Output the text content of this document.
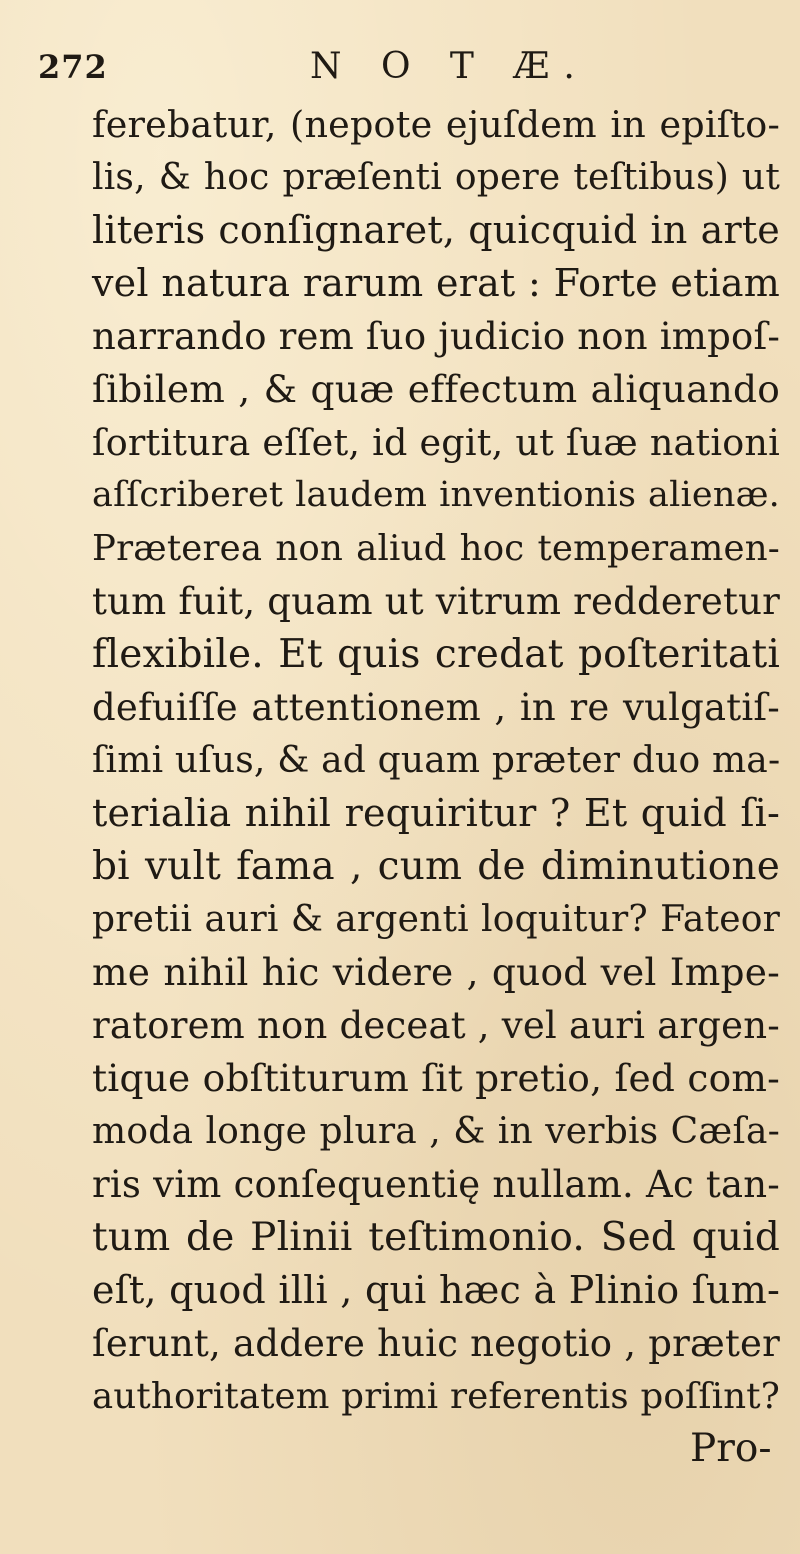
272	N O T Æ.
ferebatur, (nepote ejuſdem in epiſto-
lis, & hoc præſenti opere teſtibus) ut
literis conſignaret, quicquid in arte
vel natura rarum erat : Forte etiam
narrando rem ſuo judicio non impoſ-
ſibilem , & quæ effectum aliquando
ſortitura eſſet, id egit, ut ſuæ nationi
aſſcriberet laudem inventionis alienæ.
Præterea non aliud hoc temperamen-
tum fuit, quam ut vitrum redderetur
flexibile. Et quis credat poſteritati
defuiſſe attentionem , in re vulgatiſ-
ſimi uſus, & ad quam præter duo ma-
terialia nihil requiritur ? Et quid ſi-
bi vult fama , cum de diminutione
pretii auri & argenti loquitur? Fateor
me nihil hic videre , quod vel Impe-
ratorem non deceat , vel auri argen-
tique obſtiturum ſit pretio, ſed com-
moda longe plura , & in verbis Cæſa-
ris vim conſequentię nullam. Ac tan-
tum de Plinii teſtimonio. Sed quid
eſt, quod illi , qui hæc à Plinio ſum-
ſerunt, addere huic negotio , præter
authoritatem primi referentis poſſint?
Pro-
